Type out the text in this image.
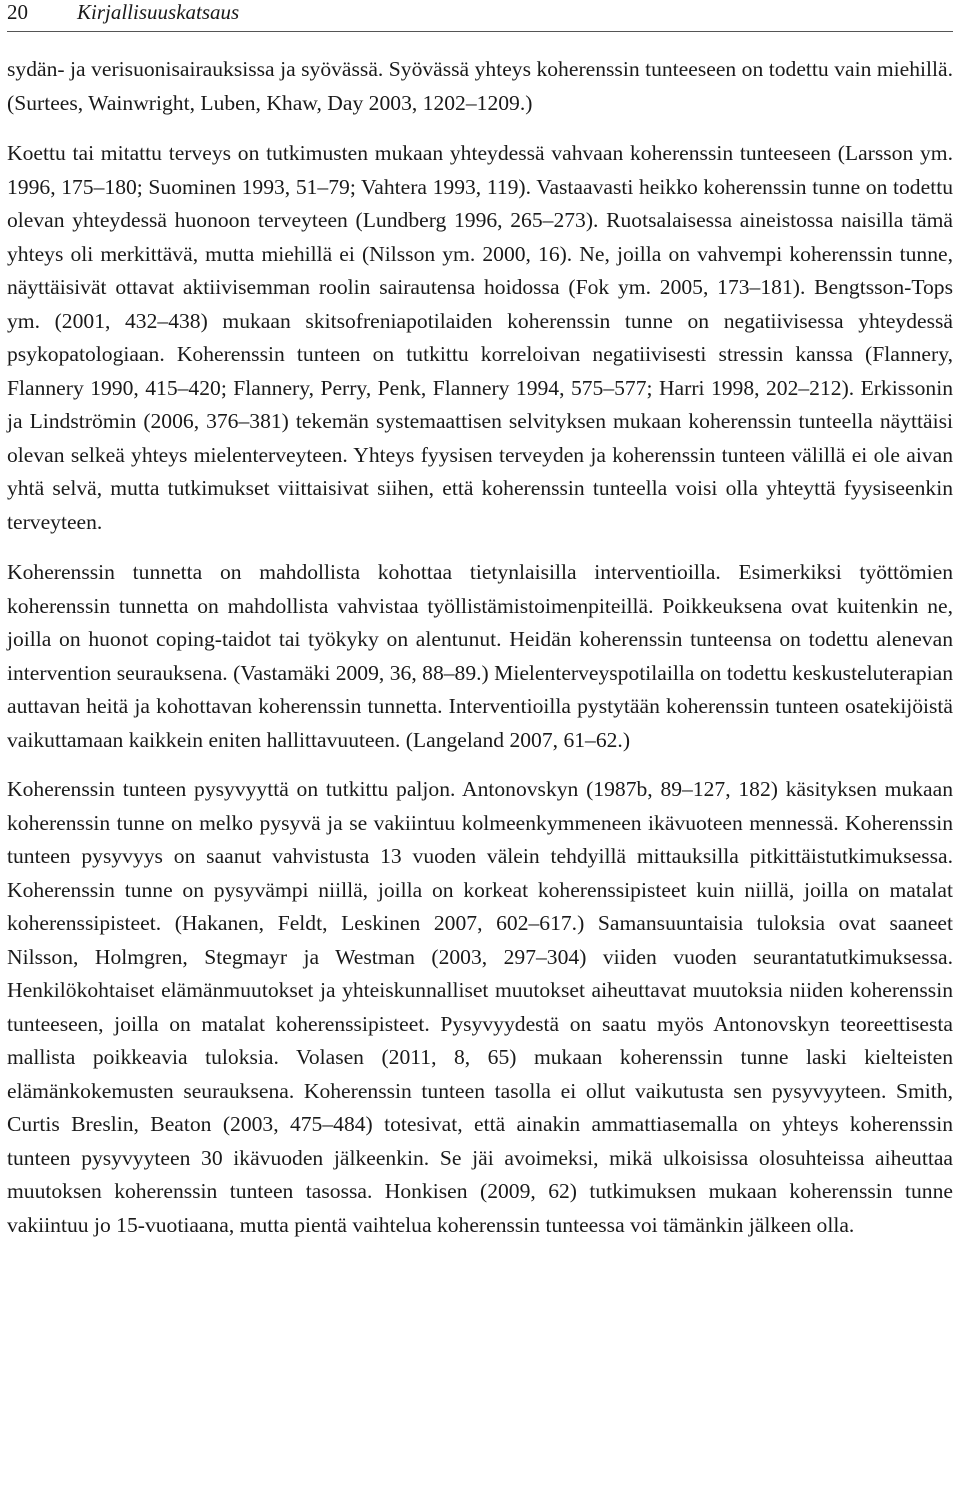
20 Kirjallisuuskatsaus

sydän- ja verisuonisairauksissa ja syövässä. Syövässä yhteys koherenssin tunteeseen on todettu vain miehillä. (Surtees, Wainwright, Luben, Khaw, Day 2003, 1202–1209.)

Koettu tai mitattu terveys on tutkimusten mukaan yhteydessä vahvaan koherenssin tunteeseen (Larsson ym. 1996, 175–180; Suominen 1993, 51–79; Vahtera 1993, 119). Vastaavasti heikko koherenssin tunne on todettu olevan yhteydessä huonoon terveyteen (Lundberg 1996, 265–273). Ruotsalaisessa aineistossa naisilla tämä yhteys oli merkittävä, mutta miehillä ei (Nilsson ym. 2000, 16). Ne, joilla on vahvempi koherenssin tunne, näyttäisivät ottavat aktiivisemman roolin sairautensa hoidossa (Fok ym. 2005, 173–181). Bengtsson-Tops ym. (2001, 432–438) mukaan skitsofreniapotilaiden koherenssin tunne on negatiivisessa yhteydessä psykopatologiaan. Koherenssin tunteen on tutkittu korreloivan negatiivisesti stressin kanssa (Flannery, Flannery 1990, 415–420; Flannery, Perry, Penk, Flannery 1994, 575–577; Harri 1998, 202–212). Erkissonin ja Lindströmin (2006, 376–381) tekemän systemaattisen selvityksen mukaan koherenssin tunteella näyttäisi olevan selkeä yhteys mielenterveyteen. Yhteys fyysisen terveyden ja koherenssin tunteen välillä ei ole aivan yhtä selvä, mutta tutkimukset viittaisivat siihen, että koherenssin tunteella voisi olla yhteyttä fyysiseenkin terveyteen.

Koherenssin tunnetta on mahdollista kohottaa tietynlaisilla interventioilla. Esimerkiksi työttömien koherenssin tunnetta on mahdollista vahvistaa työllistämistoimenpiteillä. Poikkeuksena ovat kuitenkin ne, joilla on huonot coping-taidot tai työkyky on alentunut. Heidän koherenssin tunteensa on todettu alenevan intervention seurauksena. (Vastamäki 2009, 36, 88–89.) Mielenterveyspotilailla on todettu keskusteluterapian auttavan heitä ja kohottavan koherenssin tunnetta. Interventioilla pystytään koherenssin tunteen osatekijöistä vaikuttamaan kaikkein eniten hallittavuuteen. (Langeland 2007, 61–62.)

Koherenssin tunteen pysyvyyttä on tutkittu paljon. Antonovskyn (1987b, 89–127, 182) käsityksen mukaan koherenssin tunne on melko pysyvä ja se vakiintuu kolmeenkymmeneen ikävuoteen mennessä. Koherenssin tunteen pysyvyys on saanut vahvistusta 13 vuoden välein tehdyillä mittauksilla pitkittäistutkimuksessa. Koherenssin tunne on pysyvämpi niillä, joilla on korkeat koherenssipisteet kuin niillä, joilla on matalat koherenssipisteet. (Hakanen, Feldt, Leskinen 2007, 602–617.) Samansuuntaisia tuloksia ovat saaneet Nilsson, Holmgren, Stegmayr ja Westman (2003, 297–304) viiden vuoden seurantatutkimuksessa. Henkilökohtaiset elämänmuutokset ja yhteiskunnalliset muutokset aiheuttavat muutoksia niiden koherenssin tunteeseen, joilla on matalat koherenssipisteet. Pysyvyydestä on saatu myös Antonovskyn teoreettisesta mallista poikkeavia tuloksia. Volasen (2011, 8, 65) mukaan koherenssin tunne laski kielteisten elämänkokemusten seurauksena. Koherenssin tunteen tasolla ei ollut vaikutusta sen pysyvyyteen. Smith, Curtis Breslin, Beaton (2003, 475–484) totesivat, että ainakin ammattiasemalla on yhteys koherenssin tunteen pysyvyyteen 30 ikävuoden jälkeenkin. Se jäi avoimeksi, mikä ulkoisissa olosuhteissa aiheuttaa muutoksen koherenssin tunteen tasossa. Honkisen (2009, 62) tutkimuksen mukaan koherenssin tunne vakiintuu jo 15-vuotiaana, mutta pientä vaihtelua koherenssin tunteessa voi tämänkin jälkeen olla.
